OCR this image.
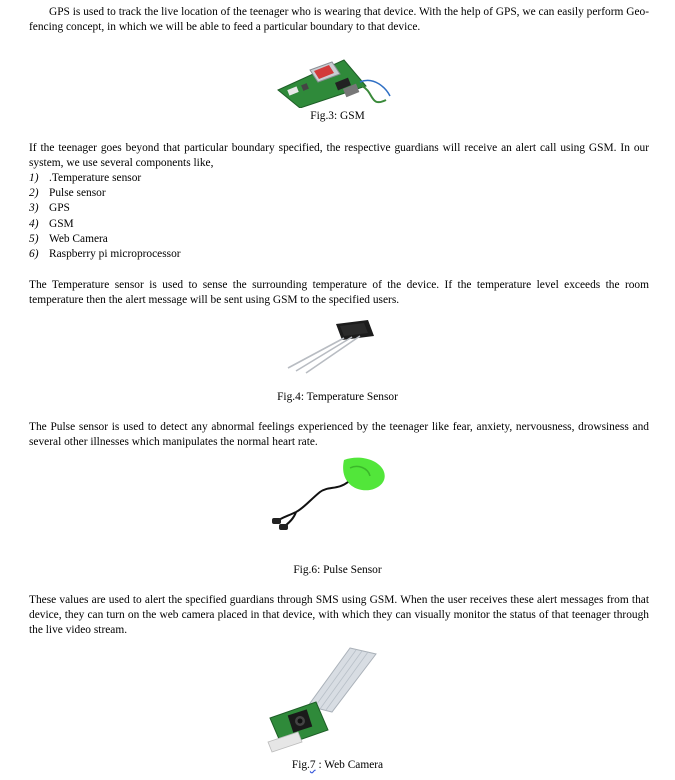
GPS is used to track the live location of the teenager who is wearing that device. With the help of GPS, we can easily perform Geo-fencing concept, in which we will be able to feed a particular boundary to that device.

Fig.3: GSM

If the teenager goes beyond that particular boundary specified, the respective guardians will receive an alert call using GSM. In our system, we use several components like,

1) .Temperature sensor
2) Pulse sensor
3) GPS
4) GSM
5) Web Camera
6) Raspberry pi microprocessor

The Temperature sensor is used to sense the surrounding temperature of the device. If the temperature level exceeds the room temperature then the alert message will be sent using GSM to the specified users.

Fig.4: Temperature Sensor

The Pulse sensor is used to detect any abnormal feelings experienced by the teenager like fear, anxiety, nervousness, drowsiness and several other illnesses which manipulates the normal heart rate.

Fig.6: Pulse Sensor

These values are used to alert the specified guardians through SMS using GSM. When the user receives these alert messages from that device, they can turn on the web camera placed in that device, with which they can visually monitor the status of that teenager through the live video stream.

Fig.7 : Web Camera
